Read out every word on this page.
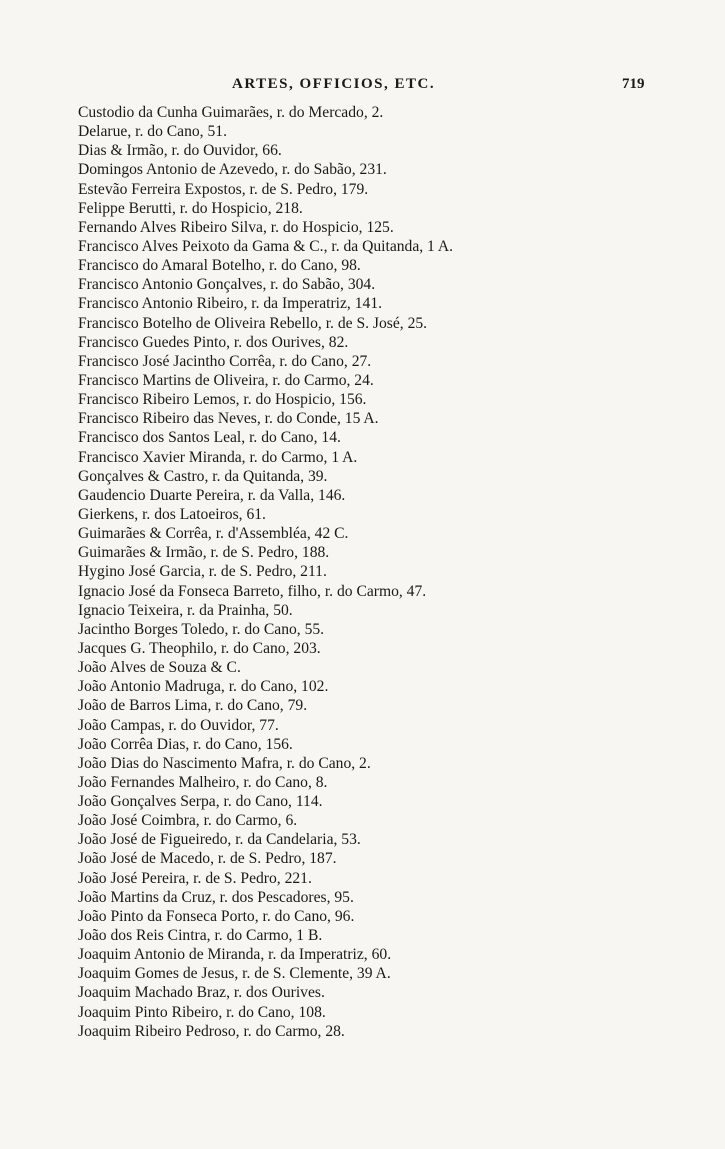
ARTES, OFFICIOS, ETC.	719
Custodio da Cunha Guimarães, r. do Mercado, 2.
Delarue, r. do Cano, 51.
Dias & Irmão, r. do Ouvidor, 66.
Domingos Antonio de Azevedo, r. do Sabão, 231.
Estevão Ferreira Expostos, r. de S. Pedro, 179.
Felippe Berutti, r. do Hospicio, 218.
Fernando Alves Ribeiro Silva, r. do Hospicio, 125.
Francisco Alves Peixoto da Gama & C., r. da Quitanda, 1 A.
Francisco do Amaral Botelho, r. do Cano, 98.
Francisco Antonio Gonçalves, r. do Sabão, 304.
Francisco Antonio Ribeiro, r. da Imperatriz, 141.
Francisco Botelho de Oliveira Rebello, r. de S. José, 25.
Francisco Guedes Pinto, r. dos Ourives, 82.
Francisco José Jacintho Corrêa, r. do Cano, 27.
Francisco Martins de Oliveira, r. do Carmo, 24.
Francisco Ribeiro Lemos, r. do Hospicio, 156.
Francisco Ribeiro das Neves, r. do Conde, 15 A.
Francisco dos Santos Leal, r. do Cano, 14.
Francisco Xavier Miranda, r. do Carmo, 1 A.
Gonçalves & Castro, r. da Quitanda, 39.
Gaudencio Duarte Pereira, r. da Valla, 146.
Gierkens, r. dos Latoeiros, 61.
Guimarães & Corrêa, r. d'Assembléa, 42 C.
Guimarães & Irmão, r. de S. Pedro, 188.
Hygino José Garcia, r. de S. Pedro, 211.
Ignacio José da Fonseca Barreto, filho, r. do Carmo, 47.
Ignacio Teixeira, r. da Prainha, 50.
Jacintho Borges Toledo, r. do Cano, 55.
Jacques G. Theophilo, r. do Cano, 203.
João Alves de Souza & C.
João Antonio Madruga, r. do Cano, 102.
João de Barros Lima, r. do Cano, 79.
João Campas, r. do Ouvidor, 77.
João Corrêa Dias, r. do Cano, 156.
João Dias do Nascimento Mafra, r. do Cano, 2.
João Fernandes Malheiro, r. do Cano, 8.
João Gonçalves Serpa, r. do Cano, 114.
João José Coimbra, r. do Carmo, 6.
João José de Figueiredo, r. da Candelaria, 53.
João José de Macedo, r. de S. Pedro, 187.
João José Pereira, r. de S. Pedro, 221.
João Martins da Cruz, r. dos Pescadores, 95.
João Pinto da Fonseca Porto, r. do Cano, 96.
João dos Reis Cintra, r. do Carmo, 1 B.
Joaquim Antonio de Miranda, r. da Imperatriz, 60.
Joaquim Gomes de Jesus, r. de S. Clemente, 39 A.
Joaquim Machado Braz, r. dos Ourives.
Joaquim Pinto Ribeiro, r. do Cano, 108.
Joaquim Ribeiro Pedroso, r. do Carmo, 28.
